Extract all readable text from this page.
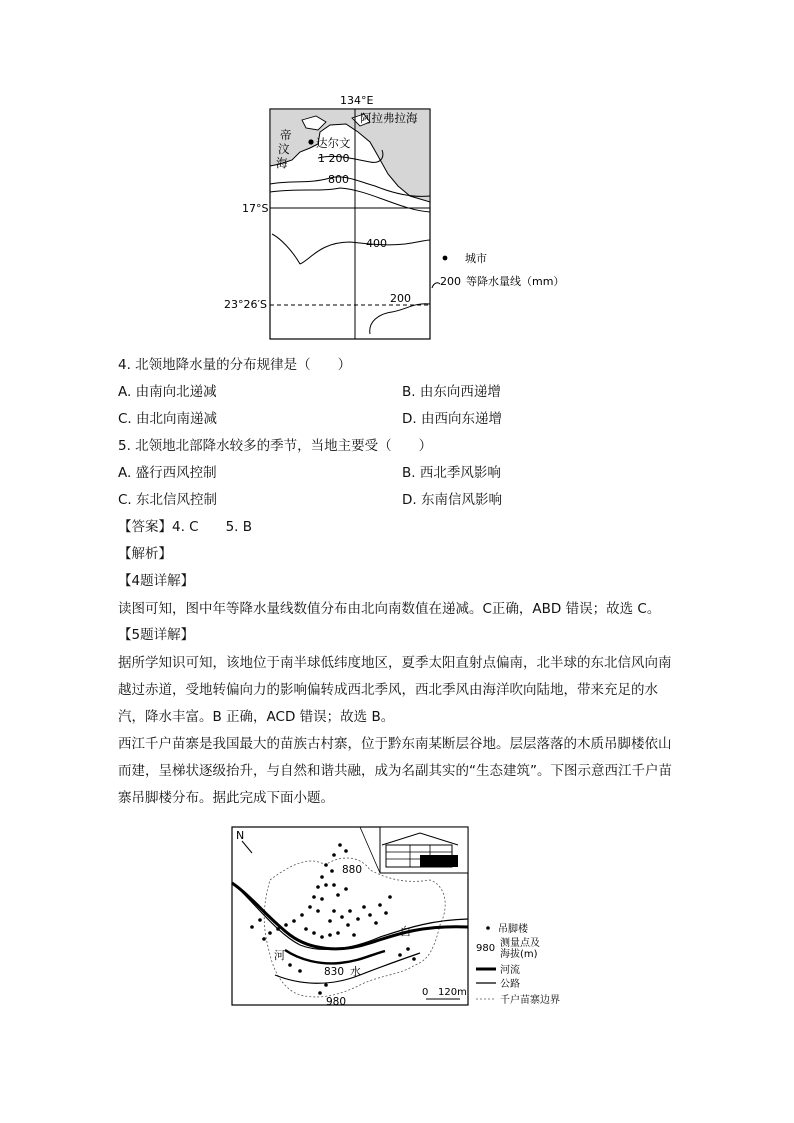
134°E
阿拉弗拉海
帝
汶
海
达尔文
1 200
800
400
200
17°S
23°26′S
城市
200 等降水量线（mm）
4. 北领地降水量的分布规律是（　　）
A. 由南向北递减	B. 由东向西递增
C. 由北向南递减	D. 由西向东递增
5. 北领地北部降水较多的季节，当地主要受（　　）
A. 盛行西风控制	B. 西北季风影响
C. 东北信风控制	D. 东南信风影响
【答案】4. C　　5. B
【解析】
【4题详解】
读图可知，图中年等降水量线数值分布由北向南数值在递减。C正确，ABD 错误；故选 C。
【5题详解】
据所学知识可知，该地位于南半球低纬度地区，夏季太阳直射点偏南，北半球的东北信风向南越过赤道，受地转偏向力的影响偏转成西北季风，西北季风由海洋吹向陆地，带来充足的水汽，降水丰富。B 正确，ACD 错误；故选 B。
西江千户苗寨是我国最大的苗族古村寨，位于黔东南某断层谷地。层层落落的木质吊脚楼依山而建，呈梯状逐级抬升，与自然和谐共融，成为名副其实的“生态建筑”。下图示意西江千户苗寨吊脚楼分布。据此完成下面小题。
N
880
830
980
白
水
河
0 120m
吊脚楼
980 测量点及
海拔(m)
河流
公路
千户苗寨边界
